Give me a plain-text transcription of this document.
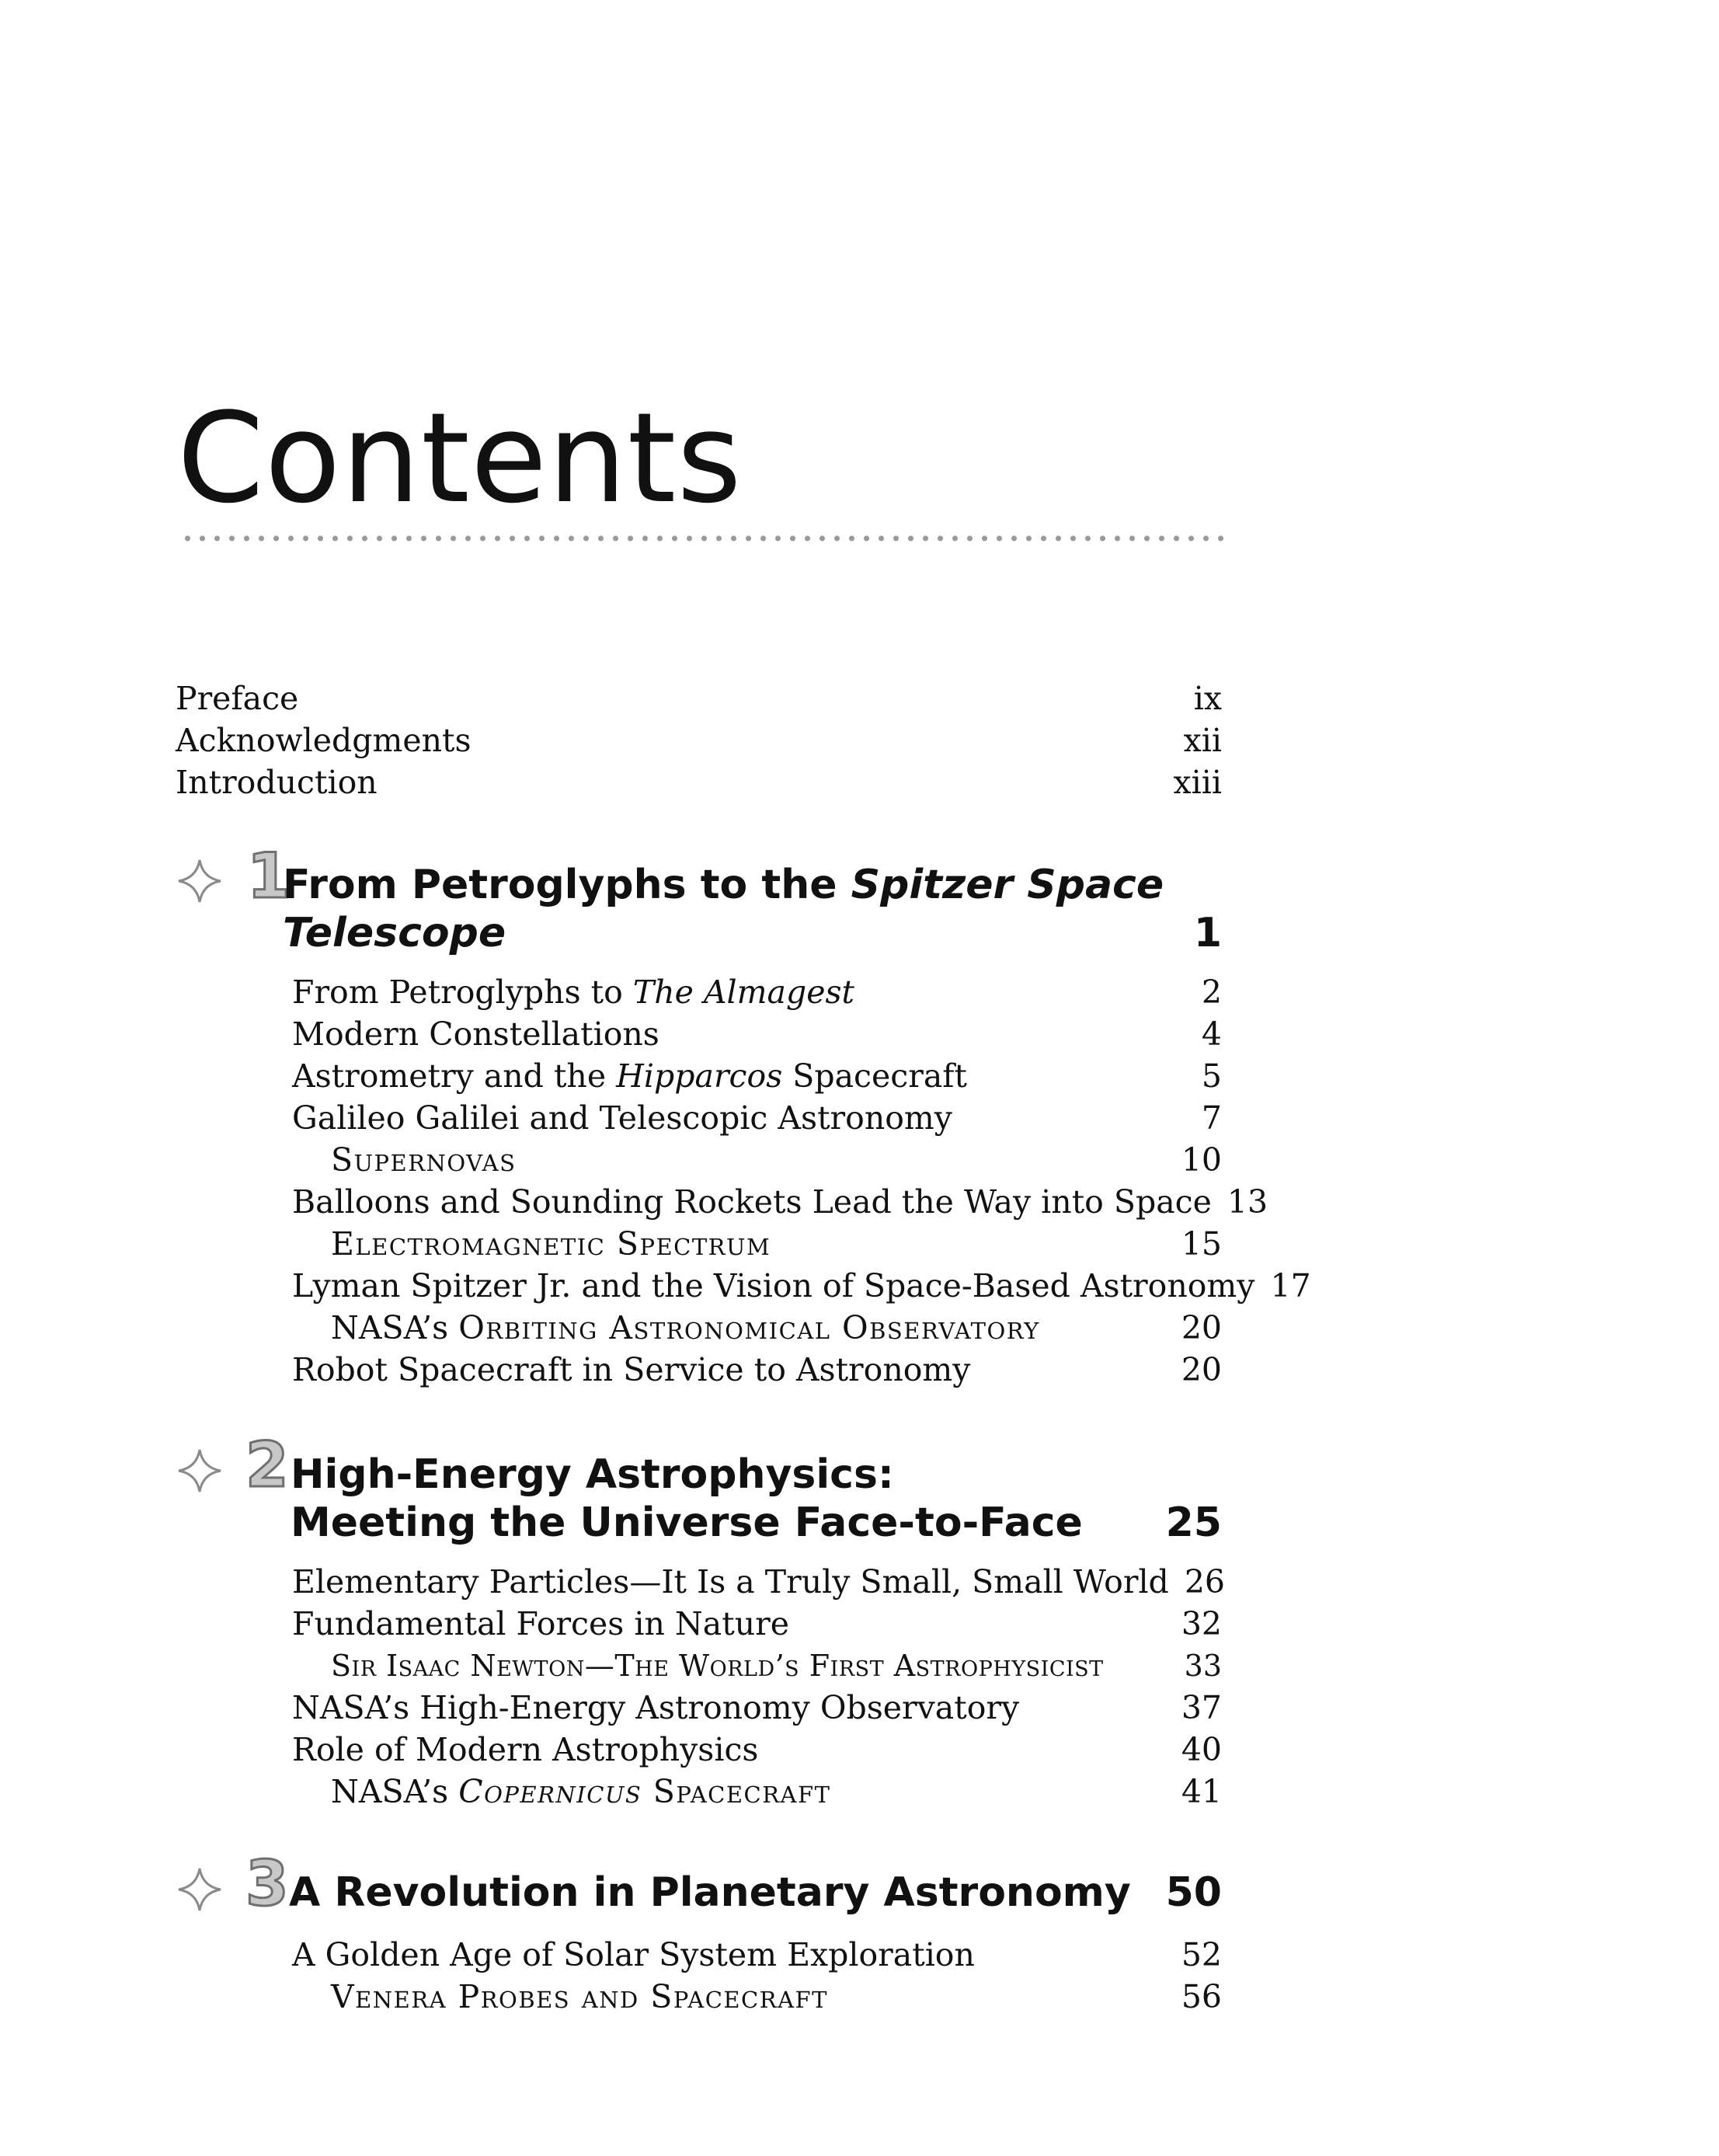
Contents
Preface	ix
Acknowledgments	xii
Introduction	xiii
1
From Petroglyphs to the Spitzer Space
Telescope	1
From Petroglyphs to The Almagest	2
Modern Constellations	4
Astrometry and the Hipparcos Spacecraft	5
Galileo Galilei and Telescopic Astronomy	7
Supernovas	10
Balloons and Sounding Rockets Lead the Way into Space 13
Electromagnetic Spectrum	15
Lyman Spitzer Jr. and the Vision of Space-Based Astronomy 17
NASA’s Orbiting Astronomical Observatory	20
Robot Spacecraft in Service to Astronomy	20
2 High-Energy Astrophysics:
Meeting the Universe Face-to-Face 25
Elementary Particles—It Is a Truly Small, Small World 26
Fundamental Forces in Nature	32
Sir Isaac Newton—The World’s First Astrophysicist	33
NASA’s High-Energy Astronomy Observatory	37
Role of Modern Astrophysics	40
NASA’s Copernicus Spacecraft	41
3 A Revolution in Planetary Astronomy 50
A Golden Age of Solar System Exploration	52
Venera Probes and Spacecraft	56
